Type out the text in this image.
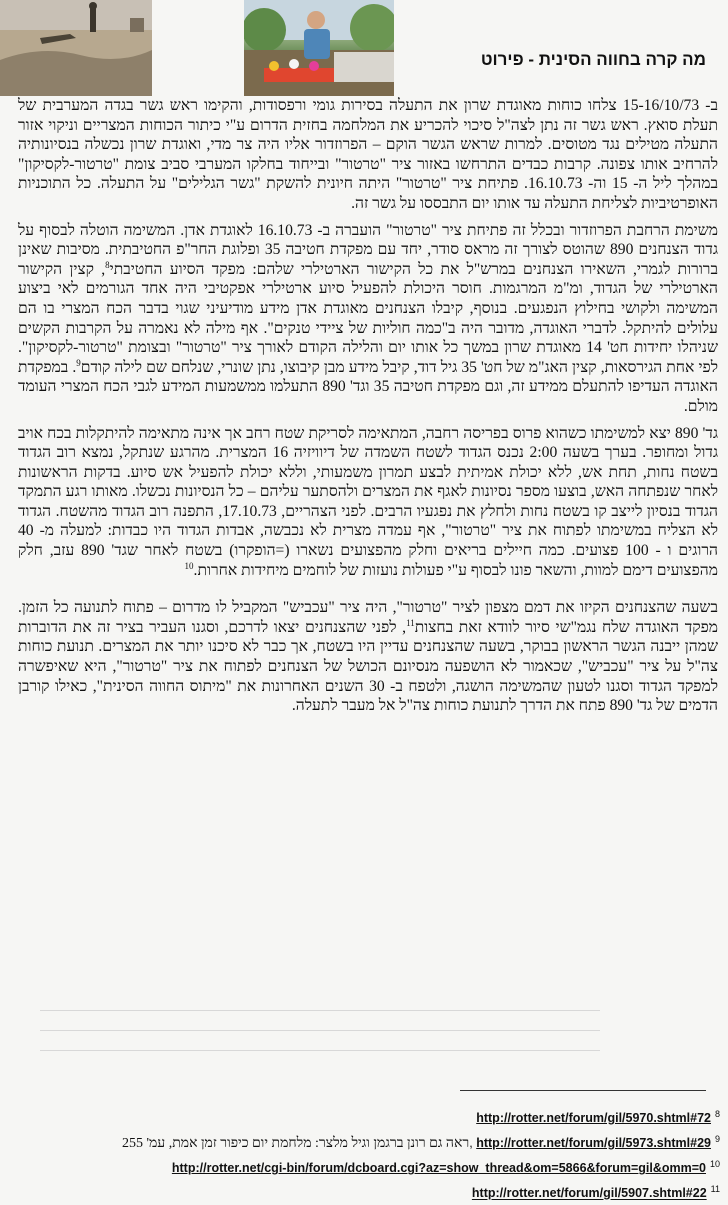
מה קרה בחווה הסינית - פירוט

ב- 15-16/10/73 צלחו כוחות מאוגדת שרון את התעלה בסירות גומי ורפסודות, והקימו ראש גשר בגדה המערבית של תעלת סואץ. ראש גשר זה נתן לצה"ל סיכוי להכריע את המלחמה בחזית הדרום ע"י כיתור הכוחות המצריים וניקוי אזור התעלה מטילים נגד מטוסים. למרות שראש הגשר הוקם – הפרוזדור אליו היה צר מדי, ואוגדת שרון נכשלה בנסיונותיה להרחיב אותו צפונה. קרבות כבדים התרחשו באזור ציר "טרטור" ובייחוד בחלקו המערבי סביב צומת "טרטור-לקסיקון" במהלך ליל ה- 15 וה- 16.10.73. פתיחת ציר "טרטור" היתה חיונית להשקת "גשר הגלילים" על התעלה. כל התוכניות האופרטיביות לצליחת התעלה עד אותו יום התבססו על גשר זה.

משימת הרחבת הפרוזדור ובכלל זה פתיחת ציר "טרטור" הועברה ב- 16.10.73 לאוגדת אדן. המשימה הוטלה לבסוף על גדוד הצנחנים 890 שהוטס לצורך זה מראס סודר, יחד עם מפקדת חטיבה 35 ופלוגת החר"פ החטיבתית. מסיבות שאינן ברורות לגמרי, השאירו הצנחנים במרש"ל את כל הקישור הארטילרי שלהם: מפקד הסיוע החטיבתי$^8$, קצין הקישור הארטילרי של הגדוד, ומ"מ המרגמות. חוסר היכולת להפעיל סיוע ארטילרי אפקטיבי היה אחד הגורמים לאי ביצוע המשימה ולקושי בחילוץ הנפגעים. בנוסף, קיבלו הצנחנים מאוגדת אדן מידע מודיעיני שגוי בדבר הכח המצרי בו הם עלולים להיתקל. לדברי האוגדה, מדובר היה ב"כמה חוליות של ציידי טנקים". אף מילה לא נאמרה על הקרבות הקשים שניהלו יחידות חט' 14 מאוגדת שרון במשך כל אותו יום והלילה הקודם לאורך ציר "טרטור" ובצומת "טרטור-לקסיקון". לפי אחת הגירסאות, קצין האג"מ של חט' 35 גיל דוד, קיבל מידע מבן קיבוצו, נתן שונרי, שנלחם שם לילה קודם$^9$. במפקדת האוגדה העדיפו להתעלם ממידע זה, וגם מפקדת חטיבה 35 וגד' 890 התעלמו ממשמעות המידע לגבי הכח המצרי העומד מולם.

גד' 890 יצא למשימתו כשהוא פרוס בפריסה רחבה, המתאימה לסריקת שטח רחב אך אינה מתאימה להיתקלות בכח אויב גדול ומחופר. בערך בשעה 2:00 נכנס הגדוד לשטח השמדה של דיוויזיה 16 המצרית. מהרגע שנתקל, נמצא רוב הגדוד בשטח נחות, תחת אש, ללא יכולת אמיתית לבצע תמרון משמעותי, וללא יכולת להפעיל אש סיוע. בדקות הראשונות לאחר שנפתחה האש, בוצעו מספר נסיונות לאגף את המצרים ולהסתער עליהם – כל הנסיונות נכשלו. מאותו רגע התמקד הגדוד בנסיון לייצב קו בשטח נחות ולחלץ את נפגעיו הרבים. לפני הצהריים, 17.10.73, התפנה רוב הגדוד מהשטח. הגדוד לא הצליח במשימתו לפתוח את ציר "טרטור", אף עמדה מצרית לא נכבשה, אבדות הגדוד היו כבדות: למעלה מ- 40 הרוגים ו - 100 פצועים. כמה חיילים בריאים וחלק מהפצועים נשארו (=הופקרו) בשטח לאחר שגד' 890 עזב, חלק מהפצועים דימם למוות, והשאר פונו לבסוף ע"י פעולות נועזות של לוחמים מיחידות אחרות.$^{10}$

בשעה שהצנחנים הקיזו את דמם מצפון לציר "טרטור", היה ציר "עכביש" המקביל לו מדרום – פתוח לתנועה כל הזמן. מפקד האוגדה שלח נגמ"שי סיור לוודא זאת בחצות$^{11}$, לפני שהצנחנים יצאו לדרכם, וסגנו העביר בציר זה את הדוברות שמהן ייבנה הגשר הראשון בבוקר, בשעה שהצנחנים עדיין היו בשטח, אך כבר לא סיכנו יותר את המצרים. תנועת כוחות צה"ל על ציר "עכביש", שכאמור לא הושפעה מנסיונם הכושל של הצנחנים לפתוח את ציר "טרטור", היא שאיפשרה למפקד הגדוד וסגנו לטעון שהמשימה הושגה, ולטפח ב- 30 השנים האחרונות את "מיתוס החווה הסינית", כאילו קורבן הדמים של גד' 890 פתח את הדרך לתנועת כוחות צה"ל אל מעבר לתעלה.

http://rotter.net/forum/gil/5970.shtml#72 $^8$
ראה גם רונן ברגמן וגיל מלצר: מלחמת יום כיפור זמן אמת, עמ' 255, http://rotter.net/forum/gil/5973.shtml#29 $^9$
http://rotter.net/cgi-bin/forum/dcboard.cgi?az=show_thread&om=5866&forum=gil&omm=0 $^{10}$
http://rotter.net/forum/gil/5907.shtml#22 $^{11}$
